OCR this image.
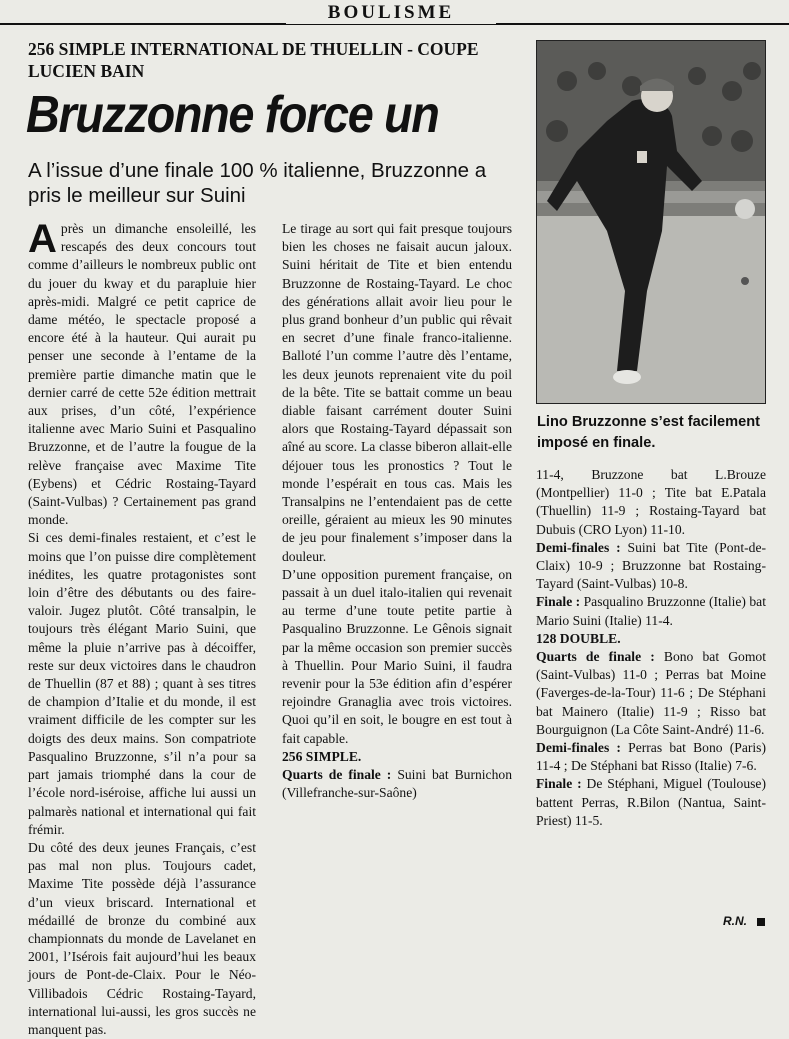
BOULISME
256 SIMPLE INTERNATIONAL DE THUELLIN - COUPE LUCIEN BAIN
Bruzzonne force un

A l’issue d’une finale 100 % italienne, Bruzzonne a pris le meilleur sur Suini

Après un dimanche ensoleillé, les rescapés des deux concours tout comme d’ailleurs le nombreux public ont du jouer du kway et du parapluie hier après-midi. Malgré ce petit caprice de dame météo, le spectacle proposé a encore été à la hauteur. Qui aurait pu penser une seconde à l’entame de la première partie dimanche matin que le dernier carré de cette 52e édition mettrait aux prises, d’un côté, l’expérience italienne avec Mario Suini et Pasqualino Bruzzonne, et de l’autre la fougue de la relève française avec Maxime Tite (Eybens) et Cédric Rostaing-Tayard (Saint-Vulbas) ? Certainement pas grand monde.

Si ces demi-finales restaient, et c’est le moins que l’on puisse dire complètement inédites, les quatre protagonistes sont loin d’être des débutants ou des faire-valoir. Jugez plutôt. Côté transalpin, le toujours très élégant Mario Suini, que même la pluie n’arrive pas à décoiffer, reste sur deux victoires dans le chaudron de Thuellin (87 et 88) ; quant à ses titres de champion d’Italie et du monde, il est vraiment difficile de les compter sur les doigts des deux mains. Son compatriote Pasqualino Bruzzonne, s’il n’a pour sa part jamais triomphé dans la cour de l’école nord-iséroise, affiche lui aussi un palmarès national et international qui fait frémir.

Du côté des deux jeunes Français, c’est pas mal non plus. Toujours cadet, Maxime Tite possède déjà l’assurance d’un vieux briscard. International et médaillé de bronze du combiné aux championnats du monde de Lavelanet en 2001, l’Isérois fait aujourd’hui les beaux jours de Pont-de-Claix. Pour le Néo-Villibadois Cédric Rostaing-Tayard, international lui-aussi, les gros succès ne manquent pas.

Le tirage au sort qui fait presque toujours bien les choses ne faisait aucun jaloux. Suini héritait de Tite et bien entendu Bruzzonne de Rostaing-Tayard. Le choc des générations allait avoir lieu pour le plus grand bonheur d’un public qui rêvait en secret d’une finale franco-italienne. Balloté l’un comme l’autre dès l’entame, les deux jeunots reprenaient vite du poil de la bête. Tite se battait comme un beau diable faisant carrément douter Suini alors que Rostaing-Tayard dépassait son aîné au score. La classe biberon allait-elle déjouer tous les pronostics ? Tout le monde l’espérait en tous cas. Mais les Transalpins ne l’entendaient pas de cette oreille, géraient au mieux les 90 minutes de jeu pour finalement s’imposer dans la douleur.

D’une opposition purement française, on passait à un duel italo-italien qui revenait au terme d’une toute petite partie à Pasqualino Bruzzonne. Le Gênois signait par la même occasion son premier succès à Thuellin. Pour Mario Suini, il faudra revenir pour la 53e édition afin d’espérer rejoindre Granaglia avec trois victoires. Quoi qu’il en soit, le bougre en est tout à fait capable.

256 SIMPLE.

Quarts de finale : Suini bat Burnichon (Villefranche-sur-Saône)

Lino Bruzzonne s’est facilement imposé en finale.

11-4, Bruzzone bat L.Brouze (Montpellier) 11-0 ; Tite bat E.Patala (Thuellin) 11-9 ; Rostaing-Tayard bat Dubuis (CRO Lyon) 11-10.

Demi-finales : Suini bat Tite (Pont-de-Claix) 10-9 ; Bruzzonne bat Rostaing-Tayard (Saint-Vulbas) 10-8.

Finale : Pasqualino Bruzzonne (Italie) bat Mario Suini (Italie) 11-4.

128 DOUBLE.

Quarts de finale : Bono bat Gomot (Saint-Vulbas) 11-0 ; Perras bat Moine (Faverges-de-la-Tour) 11-6 ; De Stéphani bat Mainero (Italie) 11-9 ; Risso bat Bourguignon (La Côte Saint-André) 11-6.

Demi-finales : Perras bat Bono (Paris) 11-4 ; De Stéphani bat Risso (Italie) 7-6.

Finale : De Stéphani, Miguel (Toulouse) battent Perras, R.Bilon (Nantua, Saint-Priest) 11-5.

R.N.
